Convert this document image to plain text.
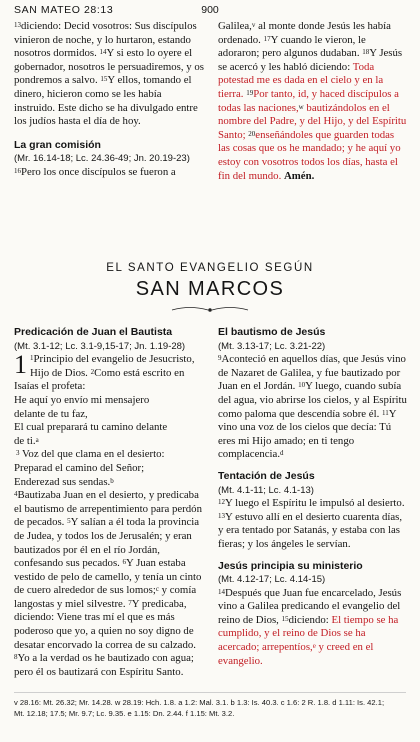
SAN MATEO 28:13	900

$^{13}$diciendo: Decid vosotros: Sus discípulos vinieron de noche, y lo hurtaron, estando nosotros dormidos. $^{14}$Y si esto lo oyere el gobernador, nosotros le persuadiremos, y os pondremos a salvo. $^{15}$Y ellos, tomando el dinero, hicieron como se les había instruido. Este dicho se ha divulgado entre los judíos hasta el día de hoy.

La gran comisión

(Mr. 16.14-18; Lc. 24.36-49; Jn. 20.19-23)

$^{16}$Pero los once discípulos se fueron a

Galilea,$^v$ al monte donde Jesús les había ordenado. $^{17}$Y cuando le vieron, le adoraron; pero algunos dudaban. $^{18}$Y Jesús se acercó y les habló diciendo: Toda potestad me es dada en el cielo y en la tierra. $^{19}$Por tanto, id, y haced discípulos a todas las naciones,$^w$ bautizándolos en el nombre del Padre, y del Hijo, y del Espíritu Santo; $^{20}$enseñándoles que guarden todas las cosas que os he mandado; y he aquí yo estoy con vosotros todos los días, hasta el fin del mundo. Amén.

EL SANTO EVANGELIO SEGÚN
SAN MARCOS

Predicación de Juan el Bautista

(Mt. 3.1-12; Lc. 3.1-9,15-17; Jn. 1.19-28)

1 $^1$Principio del evangelio de Jesucristo, Hijo de Dios. $^2$Como está escrito en Isaías el profeta:

He aquí yo envío mi mensajero

delante de tu faz,

El cual preparará tu camino delante

de ti.$^a$

$^3$ Voz del que clama en el desierto:

Preparad el camino del Señor;

Enderezad sus sendas.$^b$

$^4$Bautizaba Juan en el desierto, y predicaba el bautismo de arrepentimiento para perdón de pecados. $^5$Y salían a él toda la provincia de Judea, y todos los de Jerusalén; y eran bautizados por él en el río Jordán, confesando sus pecados. $^6$Y Juan estaba vestido de pelo de camello, y tenía un cinto de cuero alrededor de sus lomos;$^c$ y comía langostas y miel silvestre. $^7$Y predicaba, diciendo: Viene tras mí el que es más poderoso que yo, a quien no soy digno de desatar encorvado la correa de su calzado. $^8$Yo a la verdad os he bautizado con agua; pero él os bautizará con Espíritu Santo.

El bautismo de Jesús

(Mt. 3.13-17; Lc. 3.21-22)

$^9$Aconteció en aquellos días, que Jesús vino de Nazaret de Galilea, y fue bautizado por Juan en el Jordán. $^{10}$Y luego, cuando subía del agua, vio abrirse los cielos, y al Espíritu como paloma que descendía sobre él. $^{11}$Y vino una voz de los cielos que decía: Tú eres mi Hijo amado; en ti tengo complacencia.$^d$

Tentación de Jesús

(Mt. 4.1-11; Lc. 4.1-13)

$^{12}$Y luego el Espíritu le impulsó al desierto. $^{13}$Y estuvo allí en el desierto cuarenta días, y era tentado por Satanás, y estaba con las fieras; y los ángeles le servían.

Jesús principia su ministerio

(Mt. 4.12-17; Lc. 4.14-15)

$^{14}$Después que Juan fue encarcelado, Jesús vino a Galilea predicando el evangelio del reino de Dios, $^{15}$diciendo: El tiempo se ha cumplido, y el reino de Dios se ha acercado; arrepentíos,$^e$ y creed en el evangelio.

v 28.16: Mt. 26.32; Mr. 14.28. w 28.19: Hch. 1.8. a 1.2: Mal. 3.1. b 1.3: Is. 40.3. c 1.6: 2 R. 1.8. d 1.11: Is. 42.1;

Mt. 12.18; 17.5; Mr. 9.7; Lc. 9.35. e 1.15: Dn. 2.44. f 1.15: Mt. 3.2.
